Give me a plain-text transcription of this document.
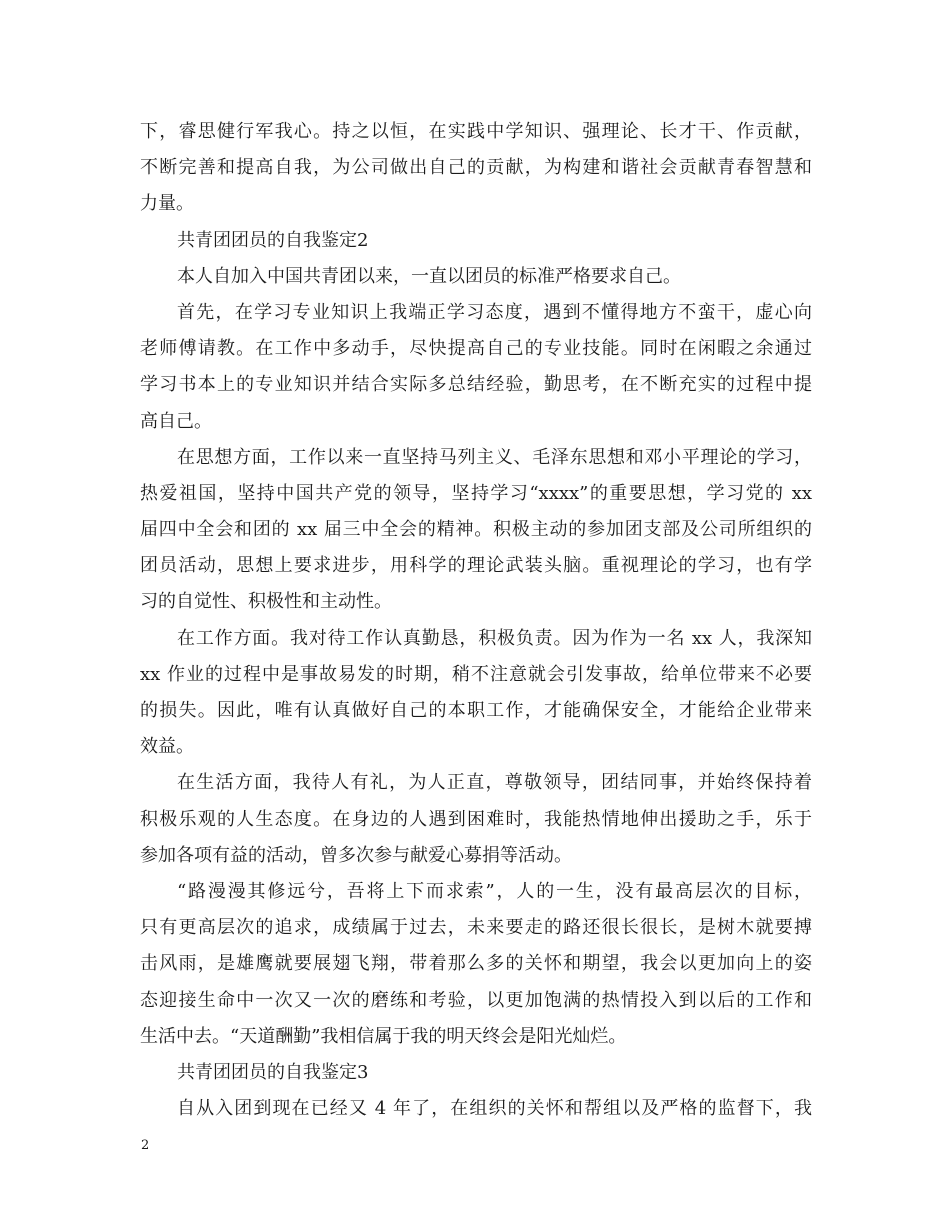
下，睿思健行军我心。持之以恒，在实践中学知识、强理论、长才干、作贡献，
不断完善和提高自我，为公司做出自己的贡献，为构建和谐社会贡献青春智慧和
力量。
共青团团员的自我鉴定2
本人自加入中国共青团以来，一直以团员的标准严格要求自己。
首先，在学习专业知识上我端正学习态度，遇到不懂得地方不蛮干，虚心向
老师傅请教。在工作中多动手，尽快提高自己的专业技能。同时在闲暇之余通过
学习书本上的专业知识并结合实际多总结经验，勤思考，在不断充实的过程中提
高自己。
在思想方面，工作以来一直坚持马列主义、毛泽东思想和邓小平理论的学习，
热爱祖国，坚持中国共产党的领导，坚持学习“xxxx”的重要思想，学习党的 xx
届四中全会和团的 xx 届三中全会的精神。积极主动的参加团支部及公司所组织的
团员活动，思想上要求进步，用科学的理论武装头脑。重视理论的学习，也有学
习的自觉性、积极性和主动性。
在工作方面。我对待工作认真勤恳，积极负责。因为作为一名 xx 人，我深知
xx 作业的过程中是事故易发的时期，稍不注意就会引发事故，给单位带来不必要
的损失。因此，唯有认真做好自己的本职工作，才能确保安全，才能给企业带来
效益。
在生活方面，我待人有礼，为人正直，尊敬领导，团结同事，并始终保持着
积极乐观的人生态度。在身边的人遇到困难时，我能热情地伸出援助之手，乐于
参加各项有益的活动，曾多次参与献爱心募捐等活动。
“路漫漫其修远兮，吾将上下而求索”，人的一生，没有最高层次的目标，
只有更高层次的追求，成绩属于过去，未来要走的路还很长很长，是树木就要搏
击风雨，是雄鹰就要展翅飞翔，带着那么多的关怀和期望，我会以更加向上的姿
态迎接生命中一次又一次的磨练和考验，以更加饱满的热情投入到以后的工作和
生活中去。“天道酬勤”我相信属于我的明天终会是阳光灿烂。
共青团团员的自我鉴定3
自从入团到现在已经又 4 年了，在组织的关怀和帮组以及严格的监督下，我
2
